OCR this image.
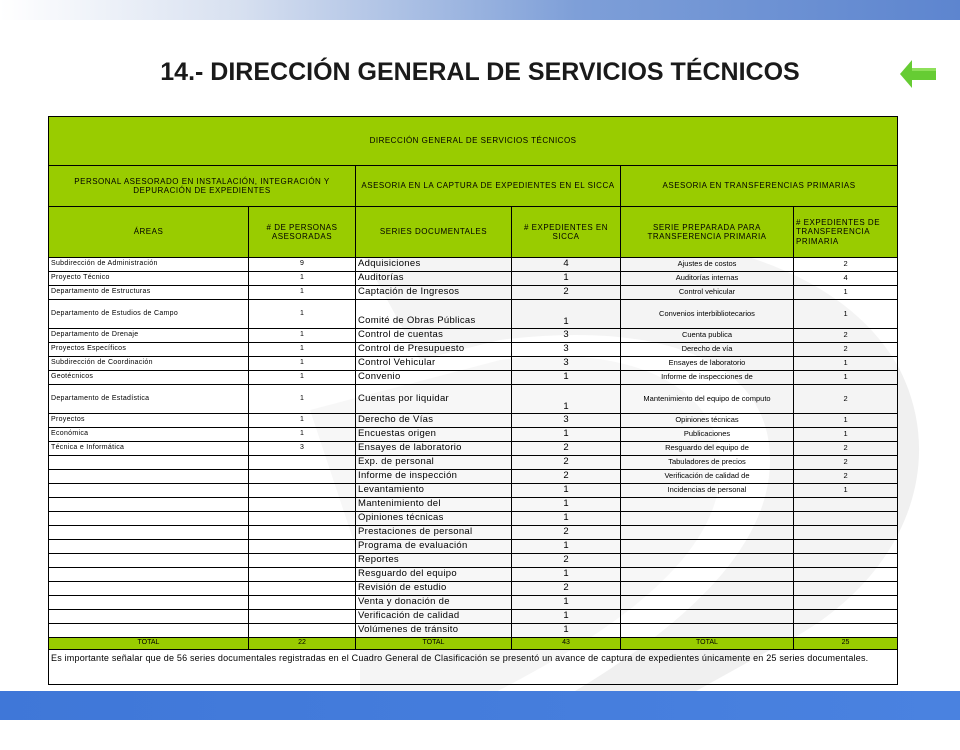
14.- DIRECCIÓN GENERAL DE SERVICIOS TÉCNICOS
DIRECCIÓN GENERAL DE SERVICIOS TÉCNICOS					
PERSONAL ASESORADO EN INSTALACIÓN, INTEGRACIÓN Y DEPURACIÓN DE EXPEDIENTES		ASESORIA EN LA CAPTURA DE EXPEDIENTES EN EL SICCA		ASESORIA EN TRANSFERENCIAS PRIMARIAS	
ÁREAS	# DE PERSONAS ASESORADAS	SERIES DOCUMENTALES	# EXPEDIENTES EN SICCA	SERIE PREPARADA PARA TRANSFERENCIA PRIMARIA	# EXPEDIENTES DE TRANSFERENCIA PRIMARIA
Subdirección de Administración	9	Adquisiciones	4	Ajustes de costos	2
Proyecto Técnico	1	Auditorías	1	Auditorías internas	4
Departamento de Estructuras	1	Captación de Ingresos	2	Control vehicular	1
Departamento de Estudios de Campo	1	Comité de Obras Públicas	1	Convenios interbibliotecarios	1
Departamento de Drenaje	1	Control de cuentas	3	Cuenta publica	2
Proyectos Específicos	1	Control de Presupuesto	3	Derecho de vía	2
Subdirección de Coordinación	1	Control Vehicular	3	Ensayes de laboratorio	1
Geotécnicos	1	Convenio	1	Informe de inspecciones de	1
Departamento de Estadística	1	Cuentas por liquidar	1	Mantenimiento del equipo de computo	2
Proyectos	1	Derecho de Vías	3	Opiniones técnicas	1
Económica	1	Encuestas origen	1	Publicaciones	1
Técnica e Informática	3	Ensayes de laboratorio	2	Resguardo del equipo de	2
		Exp. de personal	2	Tabuladores de precios	2
		Informe de inspección	2	Verificación de calidad de	2
		Levantamiento	1	Incidencias de personal	1
		Mantenimiento del	1		
		Opiniones técnicas	1		
		Prestaciones de personal	2		
		Programa de evaluación	1		
		Reportes	2		
		Resguardo del equipo	1		
		Revisión de estudio	2		
		Venta y donación de	1		
		Verificación de calidad	1		
		Volúmenes de tránsito	1		
TOTAL	22	TOTAL	43	TOTAL	25
Es importante señalar que de 56 series documentales registradas en el Cuadro General de Clasificación se presentó un avance de captura de expedientes únicamente en 25 series documentales.					
